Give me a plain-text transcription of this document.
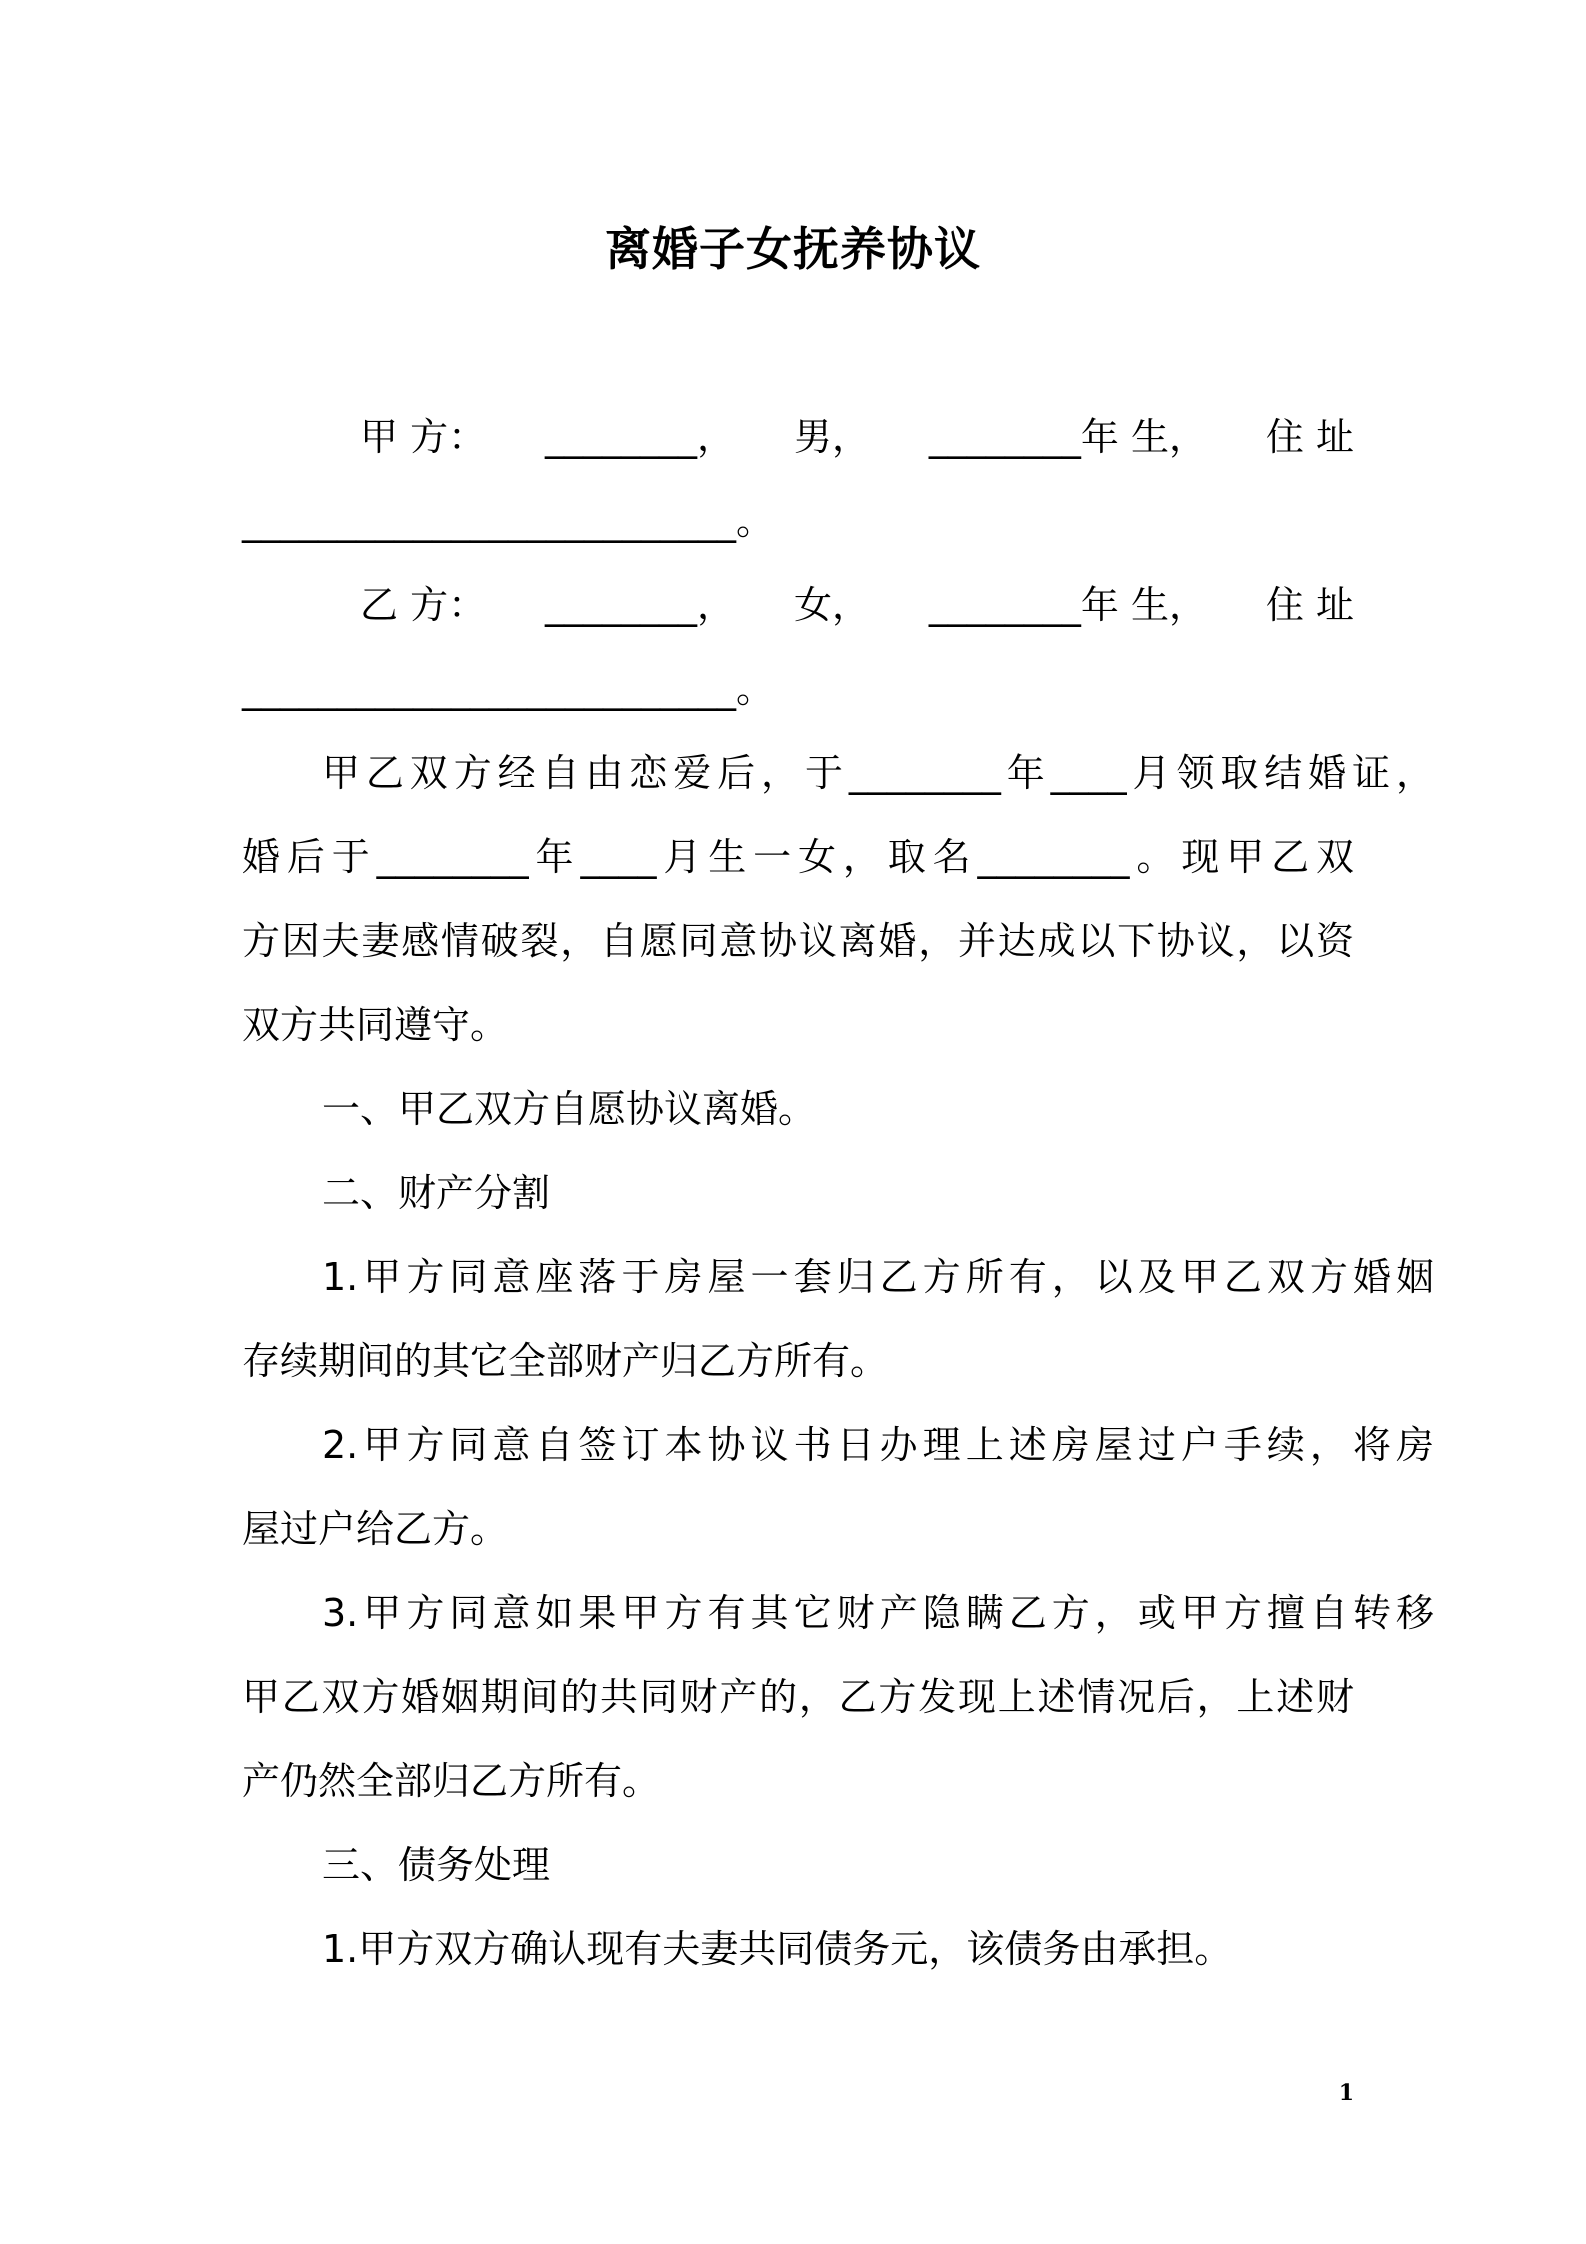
离婚子女抚养协议
甲 方： ________， 男， ________年 生， 住 址
__________________________。
乙 方： ________， 女， ________年 生， 住 址
__________________________。
甲乙双方经自由恋爱后，于________年____月领取结婚证，
婚后于________年____月生一女，取名________。现甲乙双
方因夫妻感情破裂，自愿同意协议离婚，并达成以下协议，以资
双方共同遵守。
一、甲乙双方自愿协议离婚。
二、财产分割
1.甲方同意座落于房屋一套归乙方所有，以及甲乙双方婚姻
存续期间的其它全部财产归乙方所有。
2.甲方同意自签订本协议书日办理上述房屋过户手续，将房
屋过户给乙方。
3.甲方同意如果甲方有其它财产隐瞒乙方，或甲方擅自转移
甲乙双方婚姻期间的共同财产的，乙方发现上述情况后，上述财
产仍然全部归乙方所有。
三、债务处理
1.甲方双方确认现有夫妻共同债务元，该债务由承担。
1
